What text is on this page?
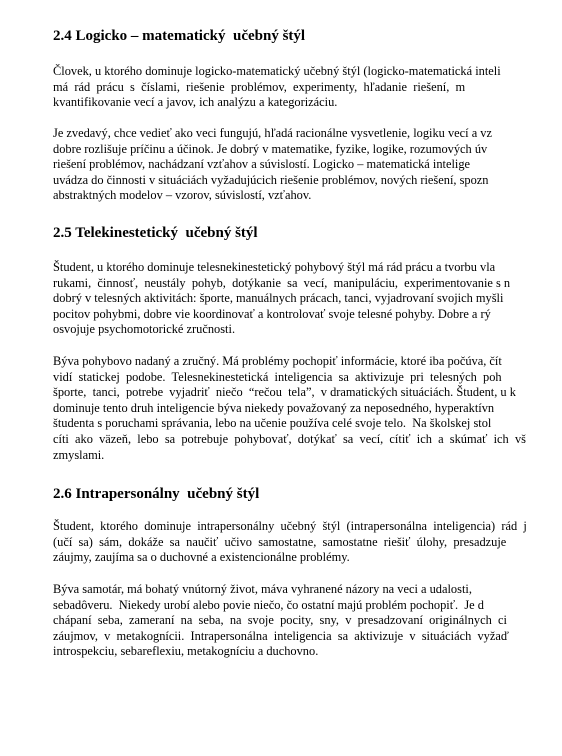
2.4 Logicko – matematický  učebný štýl
Človek, u ktorého dominuje logicko-matematický učebný štýl (logicko-matematická inteli
má  rád  prácu  s  číslami,  riešenie  problémov,  experimenty,  hľadanie  riešení,  m
kvantifikovanie vecí a javov, ich analýzu a kategorizáciu.
Je zvedavý, chce vedieť ako veci fungujú, hľadá racionálne vysvetlenie, logiku vecí a vz
dobre rozlišuje príčinu a účinok. Je dobrý v matematike, fyzike, logike, rozumových úv
riešení problémov, nachádzaní vzťahov a súvislostí. Logicko – matematická intelige
uvádza do činnosti v situáciách vyžadujúcich riešenie problémov, nových riešení, spozn
abstraktných modelov – vzorov, súvislostí, vzťahov.
2.5 Telekinestetický  učebný štýl
Študent, u ktorého dominuje telesnekinestetický pohybový štýl má rád prácu a tvorbu vla
rukami,  činnosť,  neustály  pohyb,  dotýkanie  sa  vecí,  manipuláciu,  experimentovanie s n
dobrý v telesných aktivitách: športe, manuálnych prácach, tanci, vyjadrovaní svojich myšli
pocitov pohybmi, dobre vie koordinovať a kontrolovať svoje telesné pohyby. Dobre a rý
osvojuje psychomotorické zručnosti.
Býva pohybovo nadaný a zručný. Má problémy pochopiť informácie, ktoré iba počúva, čít
vidí  statickej  podobe.  Telesnekinestetická  inteligencia  sa  aktivizuje  pri  telesných  poh
športe,  tanci,  potrebe  vyjadriť  niečo  “rečou  tela”,  v dramatických situáciách. Študent, u k
dominuje tento druh inteligencie býva niekedy považovaný za neposedného, hyperaktívn
študenta s poruchami správania, lebo na učenie používa celé svoje telo.  Na školskej stol
cíti  ako  väzeň,  lebo  sa  potrebuje  pohybovať,  dotýkať  sa  vecí,  cítiť  ich  a  skúmať  ich  vš
zmyslami.
2.6 Intrapersonálny  učebný štýl
Študent,  ktorého  dominuje  intrapersonálny  učebný  štýl  (intrapersonálna  inteligencia)  rád  j
(učí  sa)  sám,  dokáže  sa  naučiť  učivo  samostatne,  samostatne  riešiť  úlohy,  presadzuje
záujmy, zaujíma sa o duchovné a existencionálne problémy.
Býva samotár, má bohatý vnútorný život, máva vyhranené názory na veci a udalosti,
sebadôveru.  Niekedy urobí alebo povie niečo, čo ostatní majú problém pochopiť.  Je d
chápaní  seba,  zameraní  na  seba,  na  svoje  pocity,  sny,  v  presadzovaní  originálnych  ci
záujmov,  v  metakognícii.  Intrapersonálna  inteligencia  sa  aktivizuje  v  situáciách  vyžaď
introspekciu, sebareflexiu, metakogníciu a duchovno.
